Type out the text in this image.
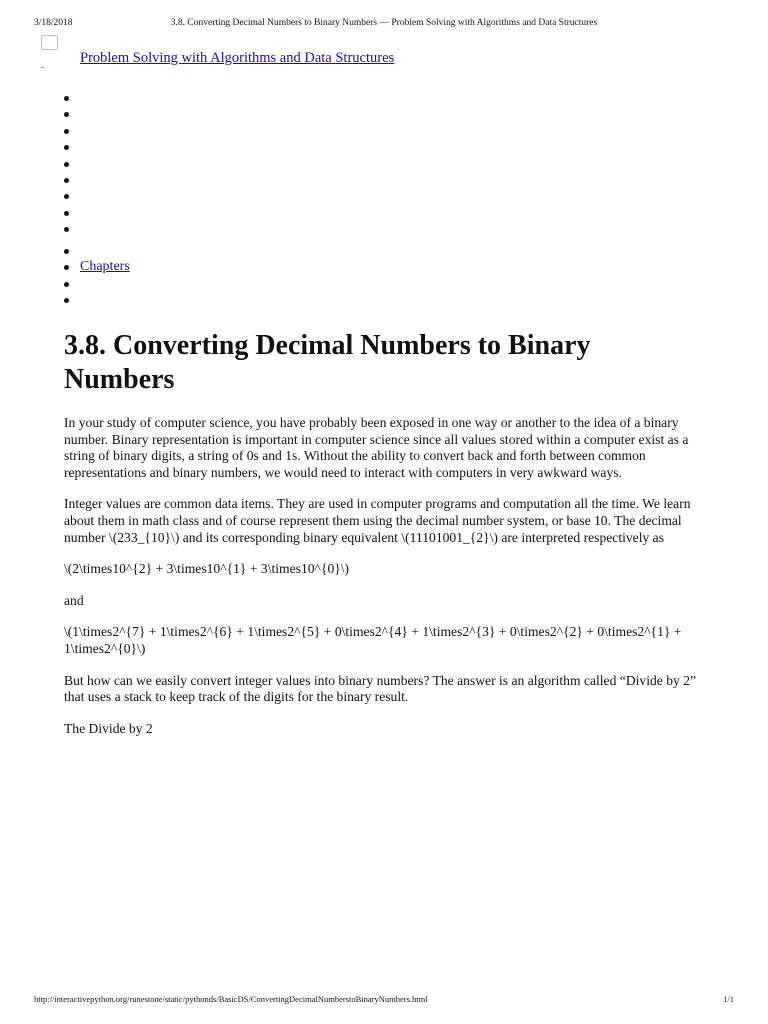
3/18/2018	3.8. Converting Decimal Numbers to Binary Numbers — Problem Solving with Algorithms and Data Structures
Problem Solving with Algorithms and Data Structures
Chapters
3.8. Converting Decimal Numbers to Binary Numbers

In your study of computer science, you have probably been exposed in one way or another to the idea of a binary number. Binary representation is important in computer science since all values stored within a computer exist as a string of binary digits, a string of 0s and 1s. Without the ability to convert back and forth between common representations and binary numbers, we would need to interact with computers in very awkward ways.

Integer values are common data items. They are used in computer programs and computation all the time. We learn about them in math class and of course represent them using the decimal number system, or base 10. The decimal number \(233_{10}\) and its corresponding binary equivalent \(11101001_{2}\) are interpreted respectively as

\(2\times10^{2} + 3\times10^{1} + 3\times10^{0}\)

and

\(1\times2^{7} + 1\times2^{6} + 1\times2^{5} + 0\times2^{4} + 1\times2^{3} + 0\times2^{2} + 0\times2^{1} + 1\times2^{0}\)

But how can we easily convert integer values into binary numbers? The answer is an algorithm called “Divide by 2” that uses a stack to keep track of the digits for the binary result.

The Divide by 2

http://interactivepython.org/runestone/static/pythonds/BasicDS/ConvertingDecimalNumberstoBinaryNumbers.html	1/1
